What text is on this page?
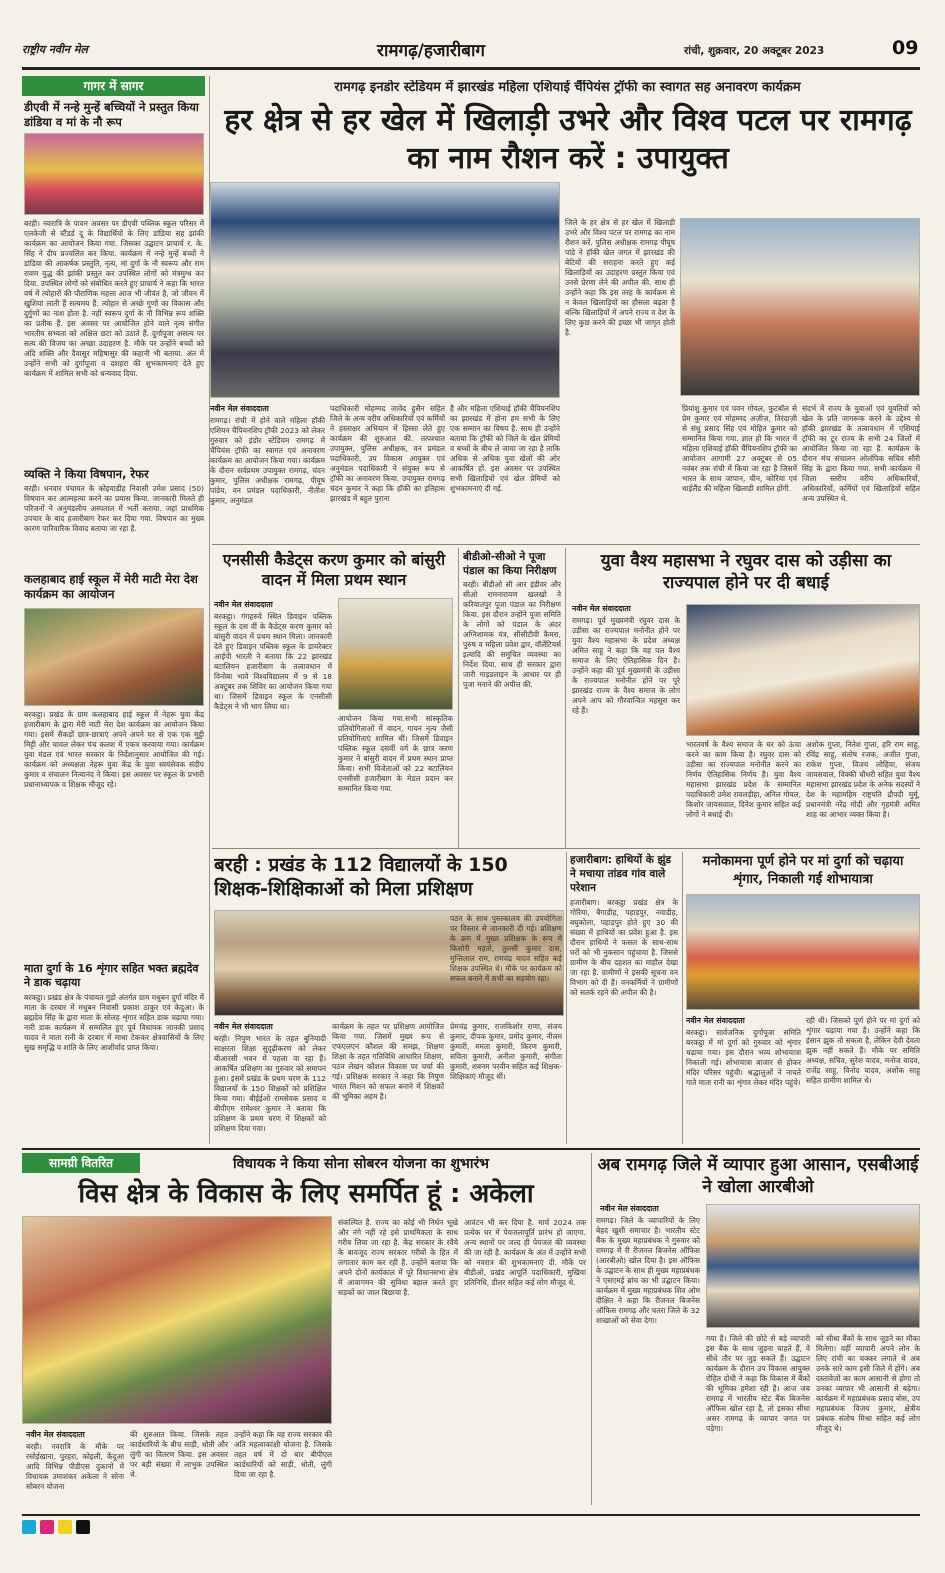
राष्ट्रीय नवीन मेल	रामगढ़/हजारीबाग	रांची, शुक्रवार, 20 अक्टूबर 2023	09
गागर में सागर
डीएवी में नन्हे मुन्हें बच्चियों ने प्रस्तुत किया डांडिया व मां के नौ रूप
बरही। नवरात्रि के पावन अवसर पर डीएवी पब्लिक स्कूल परिसर में एलकेजी से स्टैंडर्ड दू के विद्यार्थियों के लिए डांडिया सह झांकी कार्यक्रम का आयोजन किया गया. जिसका उद्घाटन प्राचार्य र. के. सिंह ने दीप प्रज्वलित कर किया. कार्यक्रम में नन्हे मुन्हें बच्चों ने डांडिया की आकर्षक प्रस्तुति, नृत्य, मां दुर्गा के नौ स्वरूप और राम रावण युद्ध की झांकी प्रस्तुत कर उपस्थित लोगों को मंत्रमुग्ध कर दिया. उपस्थित लोगों को संबोधित करते हुए प्राचार्य ने कहा कि भारत वर्ष में त्योहारों की पौराणिक महत्ता आज भी जीवंत है, जो जीवन में खुशियां लाती हैं सत्यमय हैं. त्योहार से अच्छे गुणों का विकास और दुर्गुणों का नाश होता है. नहीं स्वरूप दुर्गा के नौ विभिन्न रूप शक्ति का प्रतीक हैं. इस अवसर पर आयोजित होने वाले नृत्य संगीत भारतीय सभ्यता को अक्षिल छटा को उठाते हैं. दुर्गापूजा असत्य पर सत्य की विजय का अच्छा उदाहरण है. मौके पर उन्होंने बच्चों को अंदि शक्ति और दैवासुर महिषासुर की कहानी भी बताया. अंत में उन्होंने सभी को दुर्गापूजा व दशहरा की शुभकामनाएं देते हुए कार्यक्रम में शामिल सभी को धन्यवाद दिया.
व्यक्ति ने किया विषपान, रेफर
बरही। धनवार पंचायत के कोइयाडीह निवासी उमेश प्रसाद (50) विषपान कर आत्महत्या करने का प्रयास किया. जानकारी मिलते ही परिजनों ने अनुमंडलीय अस्पताल में भर्ती कराया. जहां प्राथमिक उपचार के बाद हजारीबाग रेफर कर दिया गया. विषपान का मुख्य कारण पारिवारिक विवाद बताया जा रहा है.
कलहाबाद हाई स्कूल में मेरी माटी मेरा देश कार्यक्रम का आयोजन
बरकट्ठा। प्रखंड के ग्राम कलहाबाद हाई स्कूल में नेहरू युवा केंद्र हजारीबाग के द्वारा मेरी माटी मेरा देश कार्यक्रम का आयोजन किया गया। इसमें सैकड़ों छात्र-छात्राएं अपने अपने घर से एक एक मुट्ठी मिट्टी और चावल लेकर पंच कलश में एकत्र करवाया गया। कार्यक्रम युवा मंडल एवं भारत सरकार के निर्देशानुसार आयोजित की गई। कार्यक्रम को अध्यक्षता नेहरू युवा केंद्र के युवा स्वयंसेवक संदीप कुमार व संचालन नित्यानंद ने किया। इस अवसर पर स्कूल के प्रभारी प्रधानाध्यापक व शिक्षक मौजूद रहे।
माता दुर्गा के 16 शृंगार सहित भक्त ब्रह्मदेव ने डाक चढ़ाया
बरकट्ठा। प्रखंड क्षेत्र के पंचायत गुड़ो अंतर्गत ग्राम मधुबन दुर्गा मंदिर में माता के दरबार में मधुबन निवासी प्रकाश ठाकुर एवं केदुआ। के ब्रह्मदेव सिंह के द्वारा माता के सोलह शृंगार सहित डाक चढ़ाया गया। नारी डाक कार्यक्रम में सम्मलित हुए पूर्व विधायक जानकी प्रसाद यादव ने माता रानी के दरबार में माथा टेककर क्षेत्रवासियों के लिए सुख समृद्धि व शांति के लिए आशीर्वाद प्राप्त किया।
रामगढ़ इनडोर स्टेडियम में झारखंड महिला एशियाई चैंपियंस ट्रॉफी का स्वागत सह अनावरण कार्यक्रम
हर क्षेत्र से हर खेल में खिलाड़ी उभरे और विश्व पटल पर रामगढ़ का नाम रौशन करें : उपायुक्त
जिले के हर क्षेत्र से हर खेल में खिलाड़ी उभरे और विश्व पटल पर रामगढ़ का नाम रौशन करें. पुलिस अधीक्षक रामगढ़ पीयूष पांडे ने हॉकी खेल जगत में झारखंड की बेटियों की सराहना करते हुए कई खिलाड़ियों का उदाहरण प्रस्तुत किया एवं उनसे प्रेरणा लेने की अपील की. साथ ही उन्होंने कहा कि इस तरह के कार्यक्रम से न केवल खिलाड़ियों का हौसला बढ़ता है बल्कि खिलाड़ियों में अपने राज्य व देश के लिए कुछ करने की इच्छा भी जागृत होती है.
नवीन मेल संवाददाता
रामगढ़। रांची में होने वाले महिला हॉकी एशियन चैंपियनशिप ट्रॉफी 2023 को लेकर गुरुवार को इंडोर स्टेडियम रामगढ़ में चैंपियंस ट्रॉफी का स्वागत एवं अनावरण कार्यक्रम का आयोजन किया गया। कार्यक्रम के दौरान सर्वप्रथम उपायुक्त रामगढ़, चंदन कुमार, पुलिस अधीक्षक रामगढ़, पीयूष पांडेय, वन प्रमंडल पदाधिकारी, नीतीश कुमार, अनुमंडल
पदाधिकारी मोहम्मद जावेद हुसैन सहित जिले के अन्य वरीय अधिकारियों एवं कर्मियों ने हस्ताक्षर अभियान में हिस्सा लेते हुए कार्यक्रम की शुरुआत की. तत्पश्चात उपायुक्त, पुलिस अधीक्षक, वन प्रमंडल पदाधिकारी, उप विकास आयुक्त एवं अनुमंडल पदाधिकारी ने संयुक्त रूप से ट्रॉफी का अनावरण किया. उपायुक्त रामगढ़ चंदन कुमार ने कहा कि हॉकी का इतिहास झारखंड में बहुत पुराना
है और महिला एशियाई हॉकी चैंपियनशिप का झारखंड में होना हम सभी के लिए एक सम्मान का विषय है. साथ ही उन्होंने बताया कि ट्रॉफी को जिले के खेल प्रेमियों व बच्चों के बीच ले जाया जा रहा है ताकि अधिक से अधिक युवा खेलों की ओर आकर्षित हों. इस अवसर पर उपस्थित सभी खिलाड़ियों एवं खेल प्रेमियों को शुभकामनाएं दी गई.
प्रियांशु कुमार एवं पवन गोयल, फुटबॉल से प्रेम कुमार एवं मोहम्मद अज़ीज़, तिरंदाज़ी से संधु प्रसाद सिंह एवं मोहित कुमार को सम्मानित किया गया. ज्ञात हो कि भारत में महिला एशियाई हॉकी चैंपियनशिप ट्रॉफी का आयोजन आगामी 27 अक्टूबर से 05 नवंबर तक रांची में किया जा रहा है जिसमें भारत के साथ जापान, चीन, कोरिया एवं थाईलैंड की महिला खिलाड़ी शामिल होंगी.
संदर्भ में राज्य के युवाओं एवं युवतियों को खेल के प्रति जागरूक करने के उद्देश्य से हॉकी झारखंड के तत्वावधान में एशियाई ट्रॉफी का टूर राज्य के सभी 24 जिलों में आयोजित किया जा रहा है. कार्यक्रम के दौरान मंच संचालन ओलंपिक सचिव सौरी सिंह के द्वारा किया गया. सभी कार्यक्रम में जिला स्तरीय वरीय अधिकारियों, अधिकारियों, कर्मियों एवं खिलाड़ियों सहित अन्य उपस्थित थे.
एनसीसी कैडेट्स करण कुमार को बांसुरी वादन में मिला प्रथम स्थान
नवीन मेल संवाददाता
बरकट्ठा। गंगहरुवे स्थित डिवाइन पब्लिक स्कूल के दस वीं के कैडेट्स करण कुमार को बांसुरी वादन में प्रथम स्थान मिला। जानकारी देते हुए डिवाइन पब्लिक स्कूल के डायरेक्टर आईपी भारती ने बताया कि 22 झारखंड बटालियन हजारीबाग के तत्वावधान में विनोबा भावे विश्वविद्यालय में 9 से 18 अक्टूबर तक शिविर का आयोजन किया गया था। जिसमें डिवाइन स्कूल के एनसीसी कैडेट्स ने भी भाग लिया था।
आयोजन किया गया.सभी सांस्कृतिक प्रतियोगिताओं में वादन, गायन नृत्य जैसी प्रतियोगिताएं शामिल थीं। जिसमें डिवाइन पब्लिक स्कूल दसवीं वर्ग के छात्र करण कुमार ने बांसुरी वादन में प्रथम स्थान प्राप्त किया। सभी विजेताओं को 22 बटालियन एनसीसी हजारीबाग के मेडल प्रदान कर सम्मानित किया गया.
बीडीओ-सीओ ने पूजा पंडाल का किया निरीक्षण
बरही। बीडीओ सी आर इंडीवर और सीओ रामनारायण खलखो ने करियातपुर पूजा पंडाल का निरीक्षण किया. इस दौरान उन्होंने पूजा समिति के लोगों को पंडाल के अंदर अग्निशामक यंत्र, सीसीटीवी कैमरा, पुरुष व महिला प्रवेश द्वार, वॉलेंटियर्स इत्यादि की समुचित व्यवस्था का निर्देश दिया. साथ ही सरकार द्वारा जारी गाइडलाइन के आधार पर ही पूजा मनाने की अपील की.
युवा वैश्य महासभा ने रघुवर दास को उड़ीसा का राज्यपाल होने पर दी बधाई
नवीन मेल संवाददाता
रामगढ़। पूर्व मुख्यमंत्री रघुवर दास के उड़ीसा का राज्यपाल मनोनीत होने पर युवा वैश्य महासभा के प्रदेश अध्यक्ष अमित साहू ने कहा कि यह पल वैश्य समाज के लिए ऐतिहासिक दिन है। उन्होंने कहा की पूर्व मुख्यमंत्री के उड़ीसा के राज्यपाल मनोनीत होने पर पूरे झारखंड राज्य के वैश्य समाज के लोग अपने आप को गौरवान्वित महसूस कर रहे हैं।
भारतवर्ष के वैश्य समाज के घर को ऊंचा करने का काम किया है। रघुवर दास को उड़ीसा का राज्यपाल मनोनीत करने का निर्णय ऐतिहासिक निर्णय है। युवा वैश्य महासभा झारखंड प्रदेश के सम्मानित पदाधिकारी उमेश रावलड़ीहा, अनिल गोयल, किशोर जायसवाल, दिनेश कुमार सहित कई लोगों ने बधाई दी।
अशोक गुप्ता, नितेश गुप्ता, हरि राम साहू, रविंद्र साहू, संतोष रजक, अजीत गुप्ता, राकेश गुप्ता, विजय लोहिया, संजय जायसवाल, विक्की चौधरी सहित युवा वैश्य महासभा झारखंड प्रदेश के अनेक सदस्यों ने देश के महामहिम राष्ट्रपति द्रौपदी मुर्मू, प्रधानमंत्री नरेंद्र मोदी और गृहमंत्री अमित शाह का आभार व्यक्त किया है।
बरही : प्रखंड के 112 विद्यालयों के 150 शिक्षक-शिक्षिकाओं को मिला प्रशिक्षण
नवीन मेल संवाददाता
बरही। निपुण भारत के तहत बुनियादी साक्षरता शिक्षा सुदृढ़ीकरण को लेकर बीआरसी भवन में पहला वा रहा हैं। आकर्षित प्रशिक्षण का गुरुवार को समापन हुआ। इसमें प्रखंड के प्रथम चरण के 112 विद्यालयों के 150 शिक्षकों को प्रशिक्षित किया गया। बीईईओ रामसेवक प्रसाद व बीपीएम रामेश्वर कुमार ने बताया कि प्रशिक्षण के प्रथम चरण में शिक्षकों को प्रशिक्षण दिया गया।
कार्यक्रम के तहत पर प्रशिक्षण आयोजित किया गया. जिसमें मुख्य रूप से एफएलएन कौशल की समझ, शिक्षण शिक्षा के तहत गतिविधि आधारित शिक्षण, पठन लेखन कौशल विकास पर चर्चा की गई। प्रशिक्षक सरकार ने कहा कि निपुण भारत मिशन को सफल बनाने में शिक्षकों की भूमिका अहम है।
पठन के साथ पुस्तकालय की उपयोगिता पर विस्तार से जानकारी दी गई। प्रशिक्षण के क्रम में मुख्य प्रशिक्षक के रूप में किशोरी महतो, तुलसी कुमार दास, मुन्तिलाल राम, रामचंद्र यादव सहित कई शिक्षक उपस्थित थे। मौके पर कार्यक्रम को सफल बनाने में सभी का सहयोग रहा।
प्रेमचंद्र कुमार, राजकिशोर राणा, संजय कुमार, दीपक कुमार, प्रमोद कुमार, नीलम कुमारी, ममता कुमारी, किरण कुमारी, सविता कुमारी, अनीता कुमारी, संगीता कुमारी, शबनम परवीन सहित कई शिक्षक-शिक्षिकाएं मौजूद थीं।
हजारीबाग: हाथियों के झुंड ने मचाया तांडव गांव वाले परेशान
हजारीबाग। बरकट्ठा प्रखंड क्षेत्र के गोरिया, बैगाडीह, पहाड़पुर, नवाडीह, बघुकोला, पहाड़पुर होते हुए 30 की संख्या में हाथियों का प्रवेश हुआ है. इस दौरान हाथियों ने फसल के साथ-साथ घरों को भी नुकसान पहुंचाया है. जिससे ग्रामीण के बीच दहशत का माहौल देखा जा रहा है. ग्रामीणों ने इसकी सूचना वन विभाग को दी है। वनकर्मियों ने ग्रामीणों को सतर्क रहने की अपील की है।
मनोकामना पूर्ण होने पर मां दुर्गा को चढ़ाया शृंगार, निकाली गई शोभायात्रा
नवीन मेल संवाददाता
बरकट्ठा। सार्वजनिक दुर्गापूजा समिति बरकट्ठा में मां दुर्गा को गुरुवार को शृंगार चढ़ाया गया। इस दौरान भव्य शोभायात्रा निकाली गई। शोभायात्रा बाजार से होकर मंदिर परिसर पहुंची। श्रद्धालुओं ने नाचते गाते माता रानी का शृंगार लेकर मंदिर पहुंचे।
रही थी। जिसको पूर्ण होने पर मां दुर्गा को शृंगार चढ़ाया गया है। उन्होंने कहा कि इंसान झुक तो सकता है, लेकिन देवी देवता झुक नहीं सकते हैं। मौके पर समिति अध्यक्ष, सचिव, सुरेश यादव, मनोज यादव, राजेंद्र साहू, विनोद यादव, अशोक साहू सहित ग्रामीण शामिल थे।
सामग्री वितरित	विधायक ने किया सोना सोबरन योजना का शुभारंभ
विस क्षेत्र के विकास के लिए समर्पित हूं : अकेला
नवीन मेल संवाददाता
बरही। नवरात्रि के मौके पर रसोईखाना, पुरहरा, कोइली, केंदुआ आदि विभिन्न पीडीएस दुकानों में विधायक उमाशंकर अकेला ने सोना सोबरन योजना
की शुरुआत किया. जिसके तहत कार्डधारियों के बीच साड़ी, धोती और लुंगी का वितरण किया. इस अवसर पर बड़ी संख्या में लाभुक उपस्थित थे.
उन्होंने कहा कि यह राज्य सरकार की अति महत्वाकांक्षी योजना है. जिसके तहत वर्ष में दो बार बीपीएल कार्डधारियों को साड़ी, धोती, लुंगी दिया जा रहा है.
संकल्पित है. राज्य का कोई भी निर्धन भूखे और नंगे नहीं रहे इसे प्राथमिकता के साथ गरीब लिया जा रहा है. केंद्र सरकार के रवैये के बावजूद राज्य सरकार गरीबों के हित में लगातार काम कर रही है. उन्होंने बताया कि अपने दोनों कार्यकाल में पूरे विधानसभा क्षेत्र में आवागमन की सुविधा बहाल करते हुए सड़कों का जाल बिछाया है.
आवंटन भी कर दिया है. मार्च 2024 तक प्रत्येक घर में पेयजलापूर्ति प्रारंभ हो जाएगा. अन्य स्थानों पर जल्द ही पेयजल की व्यवस्था की जा रही है. कार्यक्रम के अंत में उन्होंने सभी को नवरात्र की शुभकामनाएं दी. मौके पर बीडीओ, प्रखंड आपूर्ति पदाधिकारी, मुखिया प्रतिनिधि, डीलर सहित कई लोग मौजूद थे.
अब रामगढ़ जिले में व्यापार हुआ आसान, एसबीआई ने खोला आरबीओ
नवीन मेल संवाददाता
रामगढ़। जिले के व्यापारियों के लिए बेहद खुशी समाचार है। भारतीय स्टेट बैंक के मुख्य महाप्रबंधक ने गुरुवार को रामगढ़ में री रीजनल बिजनेस ऑफिस (आरबीओ) खोल दिया है। इस ऑफिस के उद्घाटन के साथ ही मुख्य महाप्रबंधक ने एसएमई ब्रांच का भी उद्घाटन किया। कार्यक्रम में मुख्य महाप्रबंधक शिव ओम दीक्षित ने कहा कि रीजनल बिजनेस ऑफिस रामगढ़ और चतरा जिले के 32 शाखाओं को सेवा देगा।
गया है। जिले की छोटे से बड़े व्यापारी इस बैंक के साथ जुड़ना चाहते हैं, वे सीधे तौर पर जुड़ सकते हैं। उद्घाटन कार्यक्रम के दौरान उप विकास आयुक्त रोहित दोधी ने कहा कि विकास में बैंकों की भूमिका हमेशा रही है। आज जब रामगढ़ में भारतीय स्टेट बैंक बिजनेस ऑफिस खोल रहा है, तो इसका सीधा असर रामगढ़ के व्यापार जगत पर पड़ेगा।
को सीधा बैंकों के साथ जुड़ने का मौका मिलेगा। वहीं व्यापारी अपने लोन के लिए रांची का चक्कर लगाते थे अब उनके सारे काम इसी जिले में होंगे। अब दस्तावेजों का काम आसानी से होगा तो उनका व्यापार भी आसानी से बढ़ेगा। कार्यक्रम में महाप्रबंधक प्रसाद बोस, उप महाप्रबंधक विजय कुमार, क्षेत्रीय प्रबंधक संतोष मिश्रा सहित कई लोग मौजूद थे।
